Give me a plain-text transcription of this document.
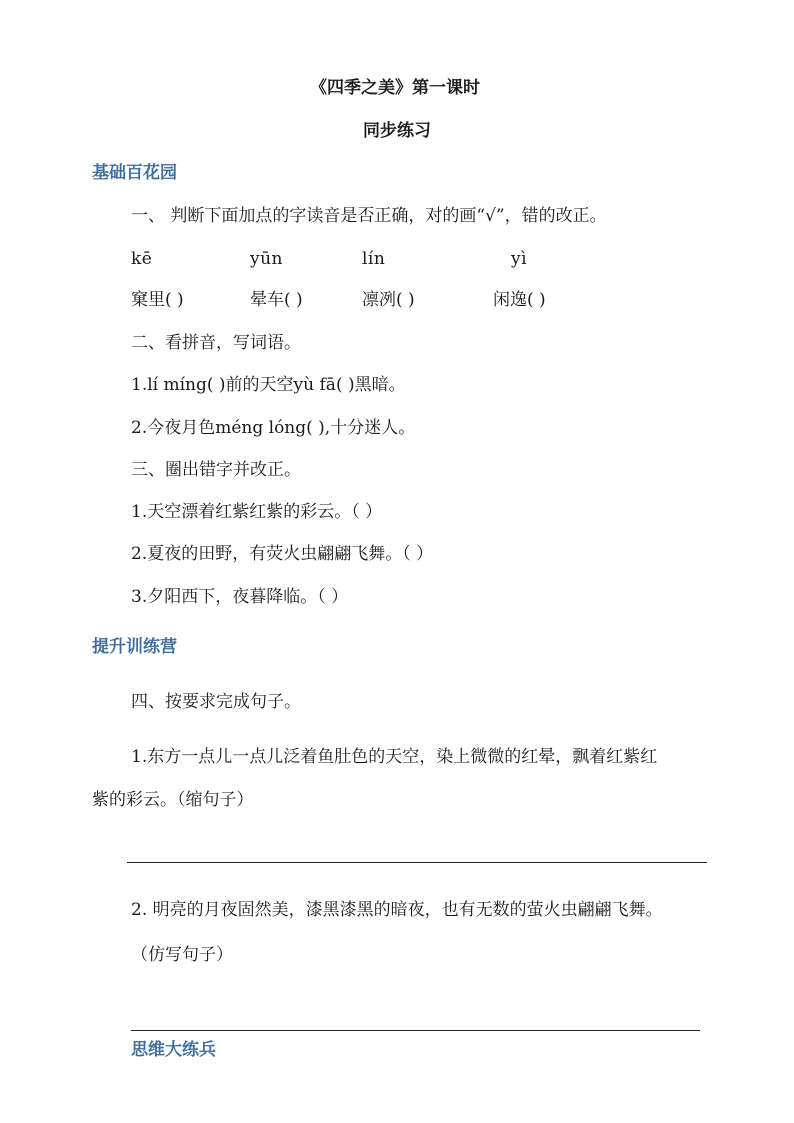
《四季之美》第一课时
同步练习
基础百花园
一、 判断下面加点的字读音是否正确，对的画“√”，错的改正。
kē	yūn	lín	yì
窠里( )	晕车( )	凛冽( )	闲逸( )
二、看拼音，写词语。
1.lí míng( )前的天空yù fā( )黑暗。
2.今夜月色méng lóng( ),十分迷人。
三、圈出错字并改正。
1.天空漂着红紫红紫的彩云。（ ）
2.夏夜的田野，有荧火虫翩翩飞舞。（ ）
3.夕阳西下，夜暮降临。（ ）
提升训练营
四、按要求完成句子。
1.东方一点儿一点儿泛着鱼肚色的天空，染上微微的红晕，飘着红紫红
紫的彩云。（缩句子）
2. 明亮的月夜固然美，漆黑漆黑的暗夜，也有无数的萤火虫翩翩飞舞。
（仿写句子）
思维大练兵
